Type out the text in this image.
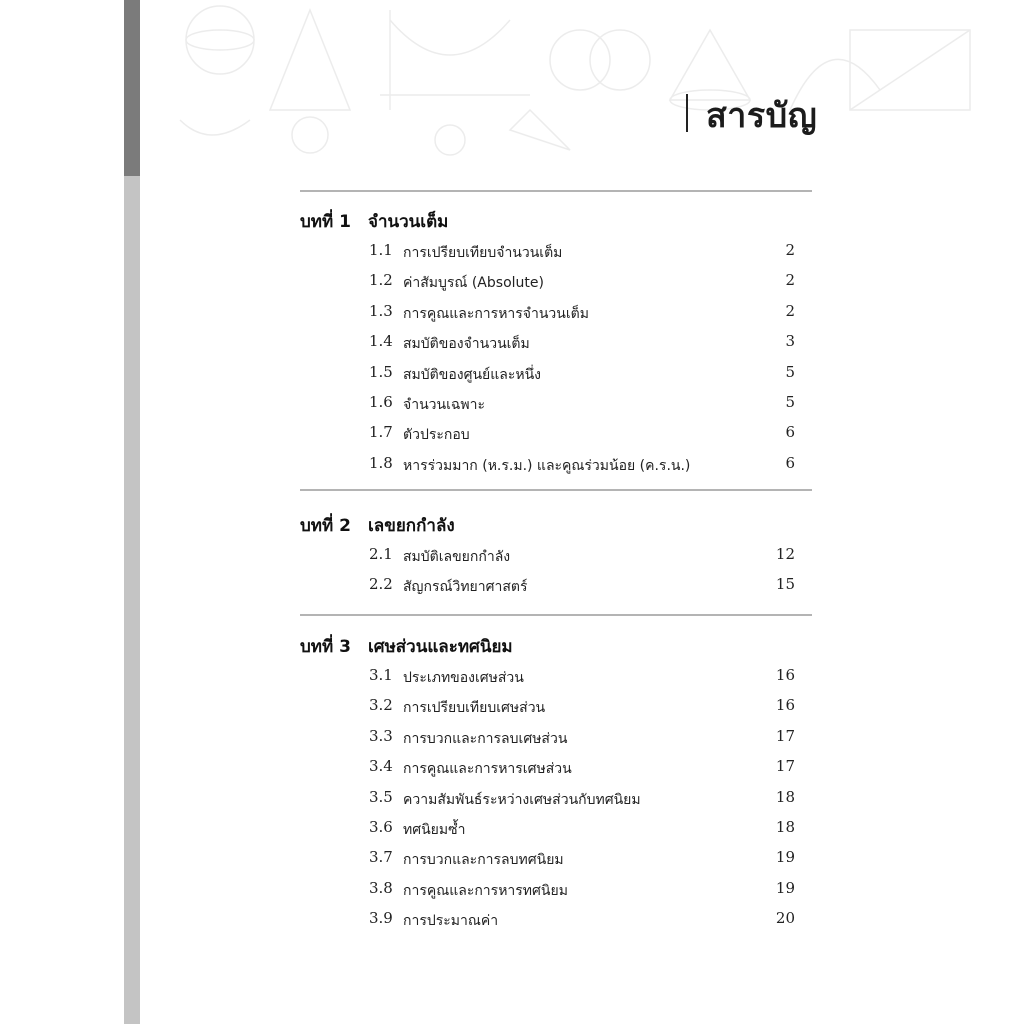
สารบัญ
บทที่ 1 จำนวนเต็ม
1.1 การเปรียบเทียบจำนวนเต็ม	2
1.2 ค่าสัมบูรณ์ (Absolute)	2
1.3 การคูณและการหารจำนวนเต็ม	2
1.4 สมบัติของจำนวนเต็ม	3
1.5 สมบัติของศูนย์และหนึ่ง	5
1.6 จำนวนเฉพาะ	5
1.7 ตัวประกอบ	6
1.8 หารร่วมมาก (ห.ร.ม.) และคูณร่วมน้อย (ค.ร.น.)	6
บทที่ 2 เลขยกกำลัง
2.1 สมบัติเลขยกกำลัง	12
2.2 สัญกรณ์วิทยาศาสตร์	15
บทที่ 3 เศษส่วนและทศนิยม
3.1 ประเภทของเศษส่วน	16
3.2 การเปรียบเทียบเศษส่วน	16
3.3 การบวกและการลบเศษส่วน	17
3.4 การคูณและการหารเศษส่วน	17
3.5 ความสัมพันธ์ระหว่างเศษส่วนกับทศนิยม	18
3.6 ทศนิยมซ้ำ	18
3.7 การบวกและการลบทศนิยม	19
3.8 การคูณและการหารทศนิยม	19
3.9 การประมาณค่า	20
